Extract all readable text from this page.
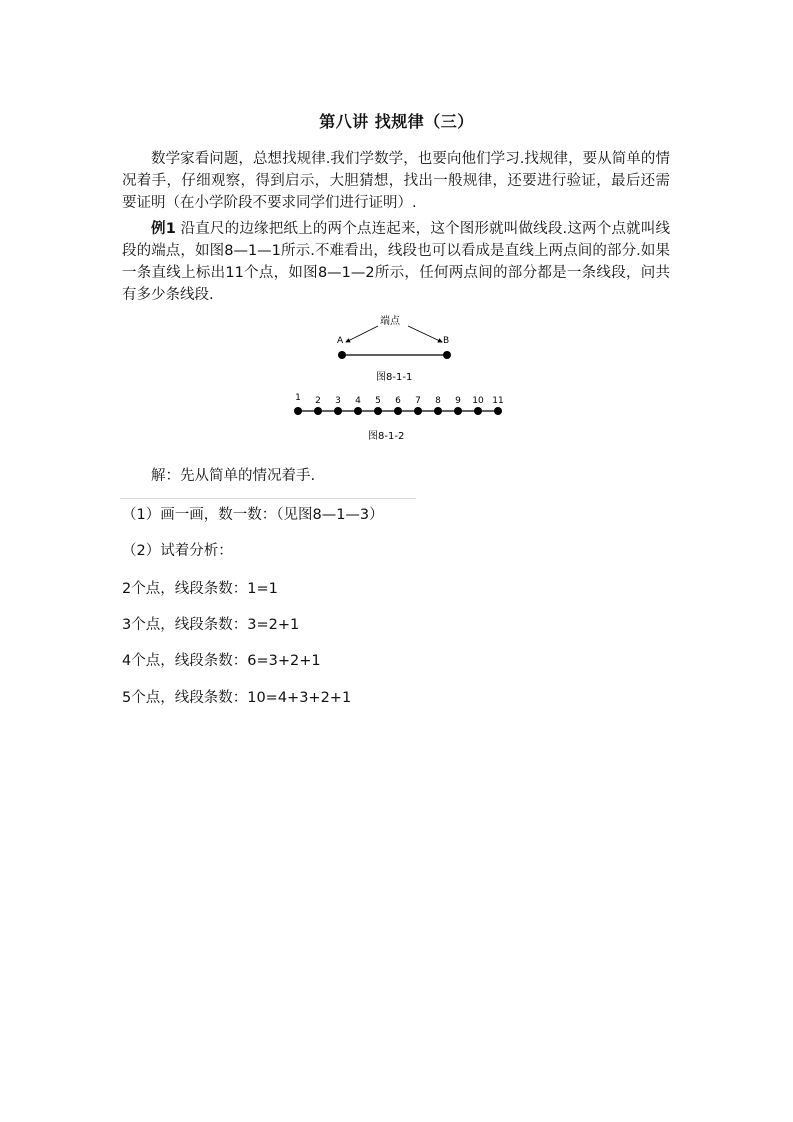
第八讲 找规律（三）
数学家看问题，总想找规律.我们学数学，也要向他们学习.找规律，要从简单的情况着手，仔细观察，得到启示，大胆猜想，找出一般规律，还要进行验证，最后还需要证明（在小学阶段不要求同学们进行证明）.
例1 沿直尺的边缘把纸上的两个点连起来，这个图形就叫做线段.这两个点就叫线段的端点，如图8—1—1所示.不难看出，线段也可以看成是直线上两点间的部分.如果一条直线上标出11个点，如图8—1—2所示，任何两点间的部分都是一条线段，问共有多少条线段.
端点
A	B
图8-1-1
1 2 3 4 5 6 7 8 9 10 11
图8-1-2
解：先从简单的情况着手.
（1）画一画，数一数：（见图8—1—3）
（2）试着分析：
2个点，线段条数：1=1
3个点，线段条数：3=2+1
4个点，线段条数：6=3+2+1
5个点，线段条数：10=4+3+2+1
